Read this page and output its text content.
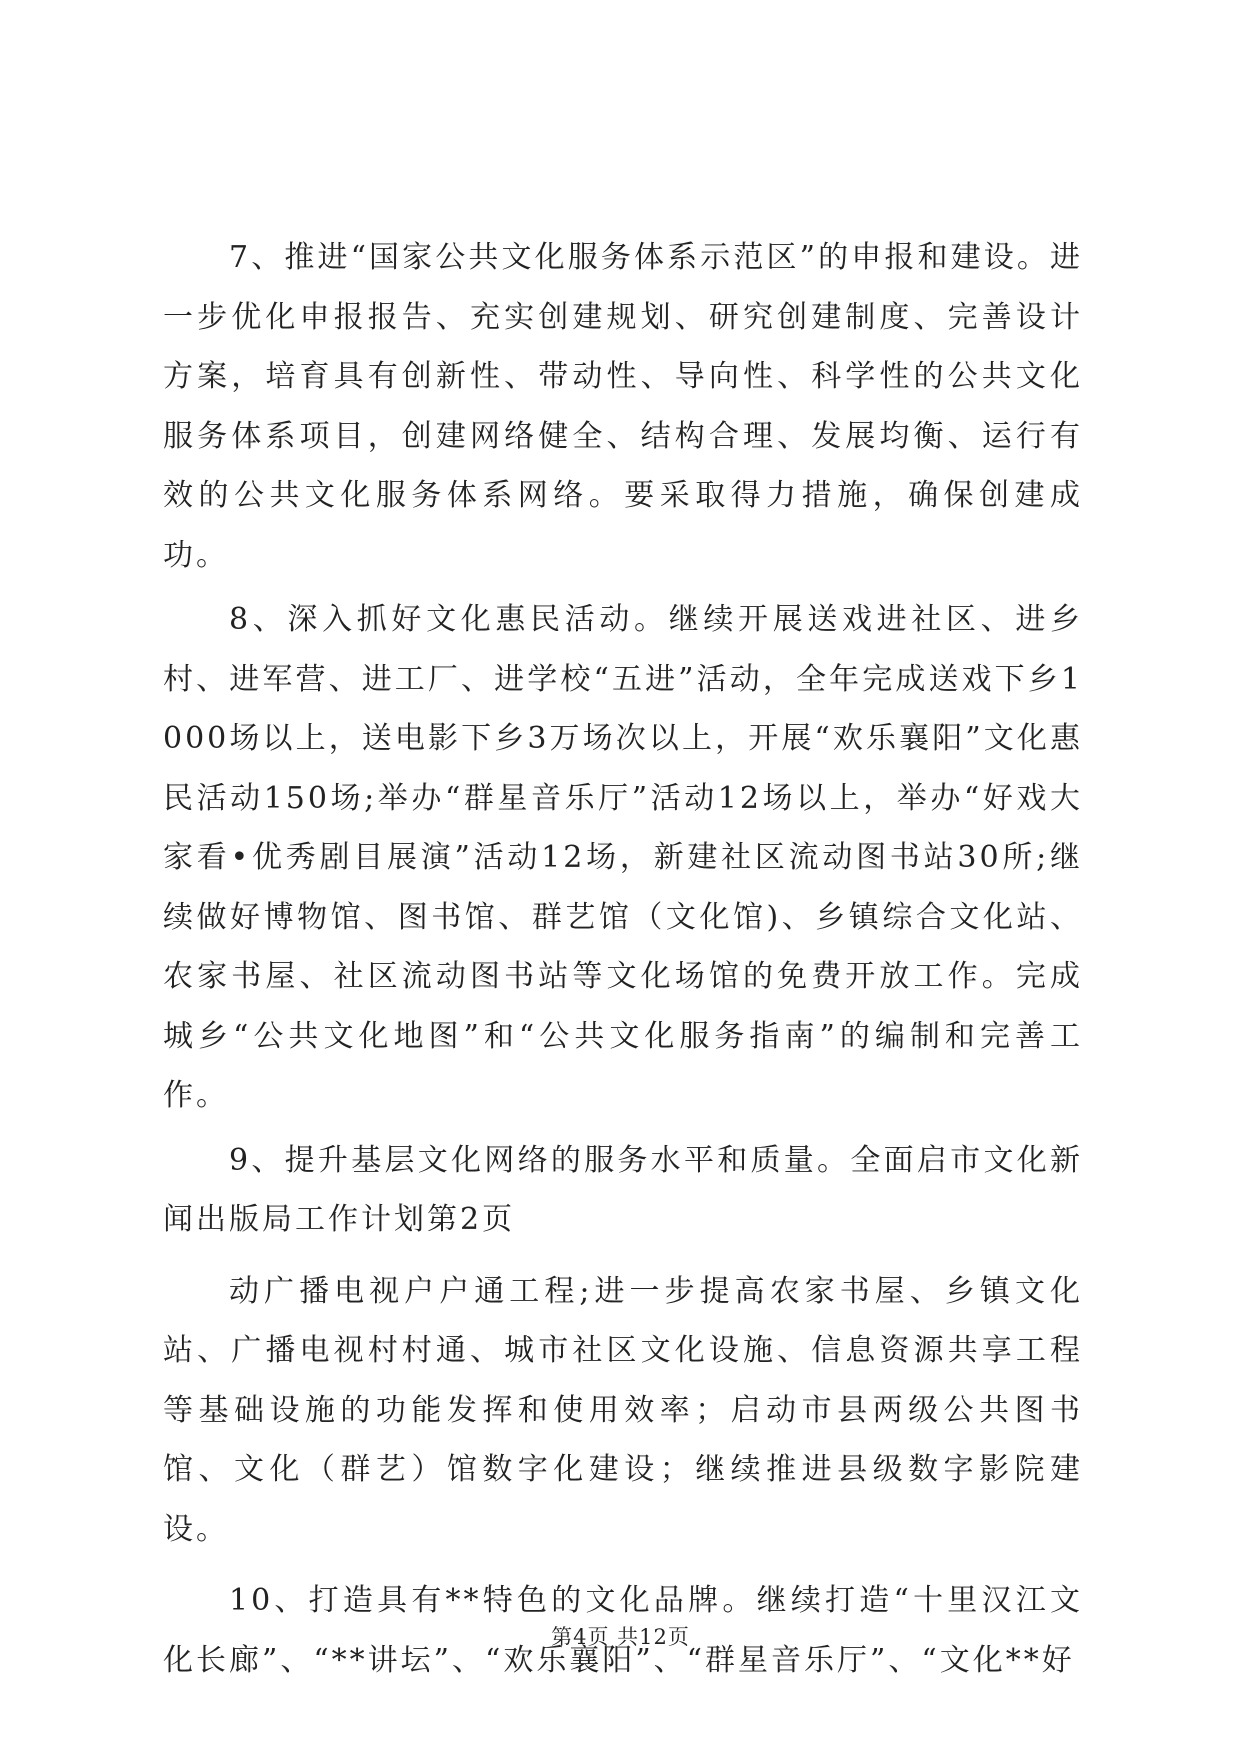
7、推进“国家公共文化服务体系示范区”的申报和建设。进一步优化申报报告、充实创建规划、研究创建制度、完善设计方案，培育具有创新性、带动性、导向性、科学性的公共文化服务体系项目，创建网络健全、结构合理、发展均衡、运行有效的公共文化服务体系网络。要采取得力措施，确保创建成功。

8、深入抓好文化惠民活动。继续开展送戏进社区、进乡村、进军营、进工厂、进学校“五进”活动，全年完成送戏下乡1000场以上，送电影下乡3万场次以上，开展“欢乐襄阳”文化惠民活动150场;举办“群星音乐厅”活动12场以上，举办“好戏大家看•优秀剧目展演”活动12场，新建社区流动图书站30所;继续做好博物馆、图书馆、群艺馆（文化馆)、乡镇综合文化站、农家书屋、社区流动图书站等文化场馆的免费开放工作。完成城乡“公共文化地图”和“公共文化服务指南”的编制和完善工作。

9、提升基层文化网络的服务水平和质量。全面启市文化新闻出版局工作计划第2页

动广播电视户户通工程;进一步提高农家书屋、乡镇文化站、广播电视村村通、城市社区文化设施、信息资源共享工程等基础设施的功能发挥和使用效率；启动市县两级公共图书馆、文化（群艺）馆数字化建设；继续推进县级数字影院建设。

10、打造具有**特色的文化品牌。继续打造“十里汉江文化长廊”、“**讲坛”、“欢乐襄阳”、“群星音乐厅”、“文化**好

第4页 共12页
